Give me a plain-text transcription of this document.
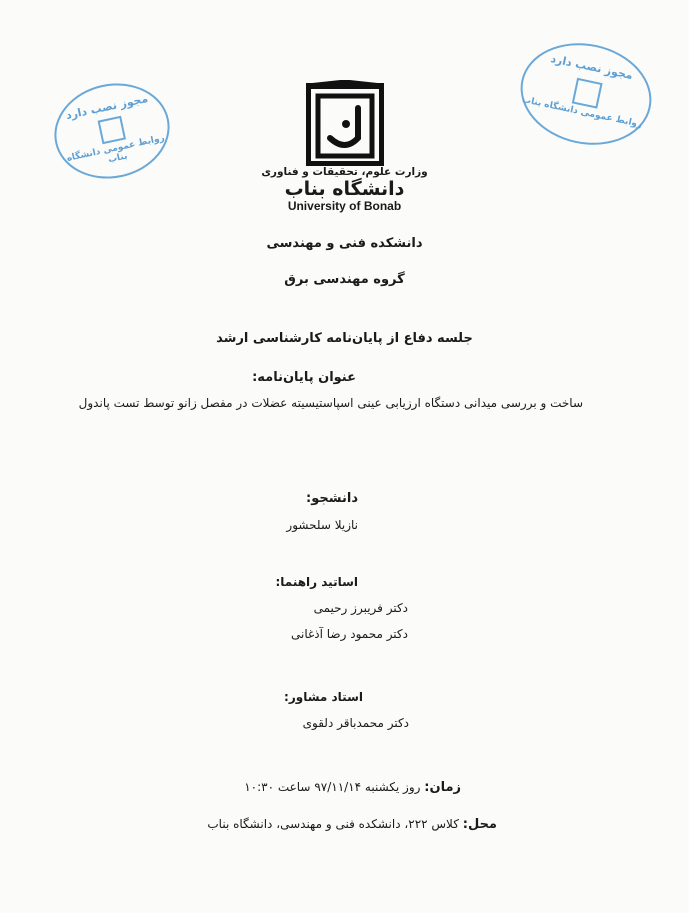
مجوز نصب دارد
روابط عمومی دانشگاه بناب
مجوز نصب دارد
روابط عمومی دانشگاه بناب
وزارت علوم، تحقیقات و فناوری
دانشگاه بناب
University of Bonab
دانشکده فنی و مهندسی
گروه مهندسی برق
جلسه دفاع از پایان‌نامه کارشناسی ارشد
عنوان پایان‌نامه:
ساخت و بررسی میدانی دستگاه ارزیابی عینی اسپاستیسیته عضلات در مفصل زانو توسط تست پاندول
دانشجو:
نازیلا سلحشور
اساتید راهنما:
دکتر فریبرز رحیمی
دکتر محمود رضا آذغانی
استاد مشاور:
دکتر محمدباقر دلقوی
زمان: روز یکشنبه ۹۷/۱۱/۱۴ ساعت ۱۰:۳۰
محل: کلاس ۲۲۲، دانشکده فنی و مهندسی، دانشگاه بناب
